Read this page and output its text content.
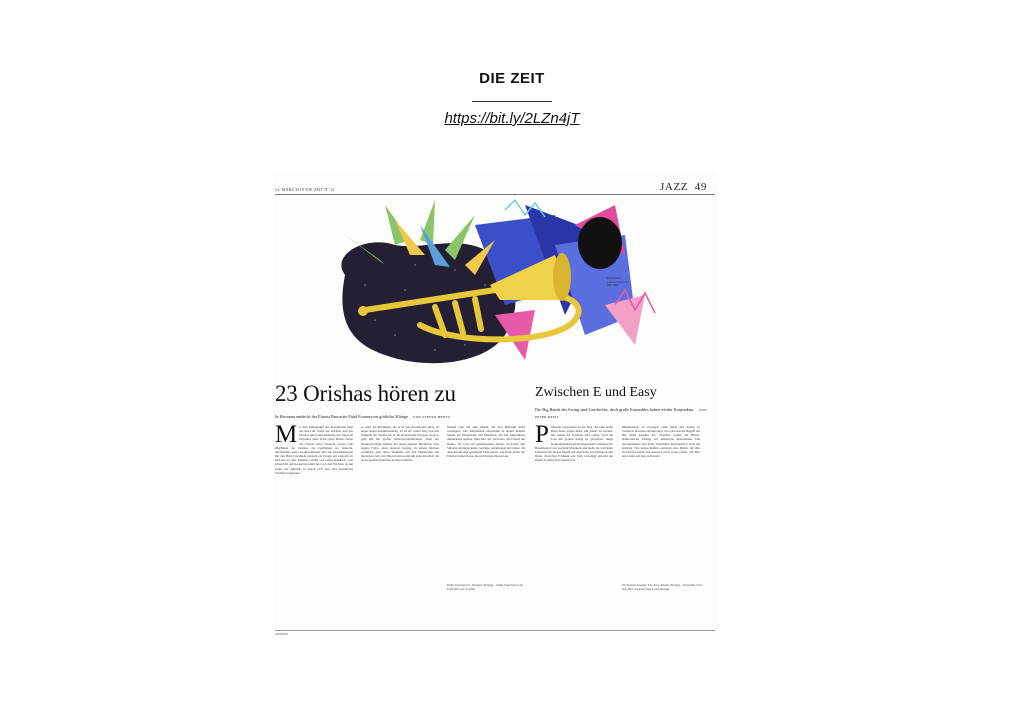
DIE ZEIT
https://bit.ly/2LZn4jT
14. MÄRZ 2019 DIE ZEIT Nº 12	JAZZ 49
Illustration: Gerhard Deutsch/ DIE ZEIT
23 Orishas hören zu
In Havanna entdeckt der Pianist Pancasite Pidal Fournayron göttliche Klänge VON STEFAN HENTZ
M it dem Mittelpunkt der Abendsonne steht die Insel im Glanz der Karibik, und das Klavier spielt zum Ausklang des Tages. In Havanna, einer Stadt voller Musik, findet der Pianist seine Wurzeln wieder. Die Rhythmen der Orishas, der Gottheiten der Santería, durchziehen seine Kompositionen, und im Zusammenspiel mit den Batá-Trommeln entsteht ein Klang, der zugleich alt und neu ist. Der Musiker erzählt von seiner Kindheit, vom Unterricht am Konservatorium und von den Nächten in den Clubs der Altstadt, in denen sich Jazz und kubanische Tradition begegnen.
er stellt die Rhythmen, die er in den Zeremonien hörte, in einen neuen Zusammenhang. Es ist ein weiter Weg von den Tempeln der Yoruba bis in die Konzertsäle Europas, doch er geht ihn mit großer Selbstverständlichkeit. Jeder der dreiundzwanzig Orishas hat einen eigenen Rhythmus, eine eigene Farbe, einen eigenen Gesang. In seinen Stücken verbinden sich diese Elemente mit den Harmonien des modernen Jazz, mit Improvisation und mit einer Klarheit, die an die großen Pianisten der Insel erinnert.
handelt sich um eine Musik, die ihre Herkunft nicht verleugnet. Die Aufnahmen entstanden in einem kleinen Studio der Hauptstadt, mit Musikern, die seit Jahrzehnten miteinander spielen. Man hört das Vertrauen, die Freude am Risiko, die Lust am gemeinsamen Atmen. Zwischen den Stücken erklingen kurze Gesänge, Anrufungen der Götter, die dem Album eine spirituelle Tiefe geben. Am Ende bleibt der Eindruck einer Reise, die nicht abgeschlossen ist.
Pidal Fournayron: Orishas (Verlag) – Pidal Fournayron & Ensemble live in Köln
Zwischen E und Easy
Die Big Bands des Swing sind Geschichte, doch große Ensembles haben wieder Konjunktur VON PETER REISS
P raktisch vorgegeben ist der Weg, den eine große Band heute gehen muss, um gehört zu werden. Die Zeiten der Tanzsäle sind vorbei, doch die Lust am großen Klang ist geblieben. Junge Komponistinnen und Komponisten schreiben für Besetzungen von zwanzig Musikern und mehr, sie verbinden Elemente der Neuen Musik mit dem Erbe von Ellington und Basie. Zwischen E-Musik und Easy Listening entsteht ein Raum, in dem vieles möglich ist.
Dimensionen zu sprengen, ohne dabei den Swing zu verlieren. Das neue Album zeigt, wie weit sich der Begriff der Big Band gedehnt hat. Streicher treffen auf Bläser, elektronische Klänge auf akustische Instrumente. Die Arrangements sind dicht, manchmal überbordend, doch nie beliebig. Wer genau hinhört, entdeckt eine Musik, die ihre Geschichte kennt und dennoch nach vorne schaut, mit Mut zur Größe und Lust am Detail.
Orchestral Lounge: The Easy Album (Verlag) – Ensemble Live: Auf Tour in Deutschland und Europa
ANZEIGE
